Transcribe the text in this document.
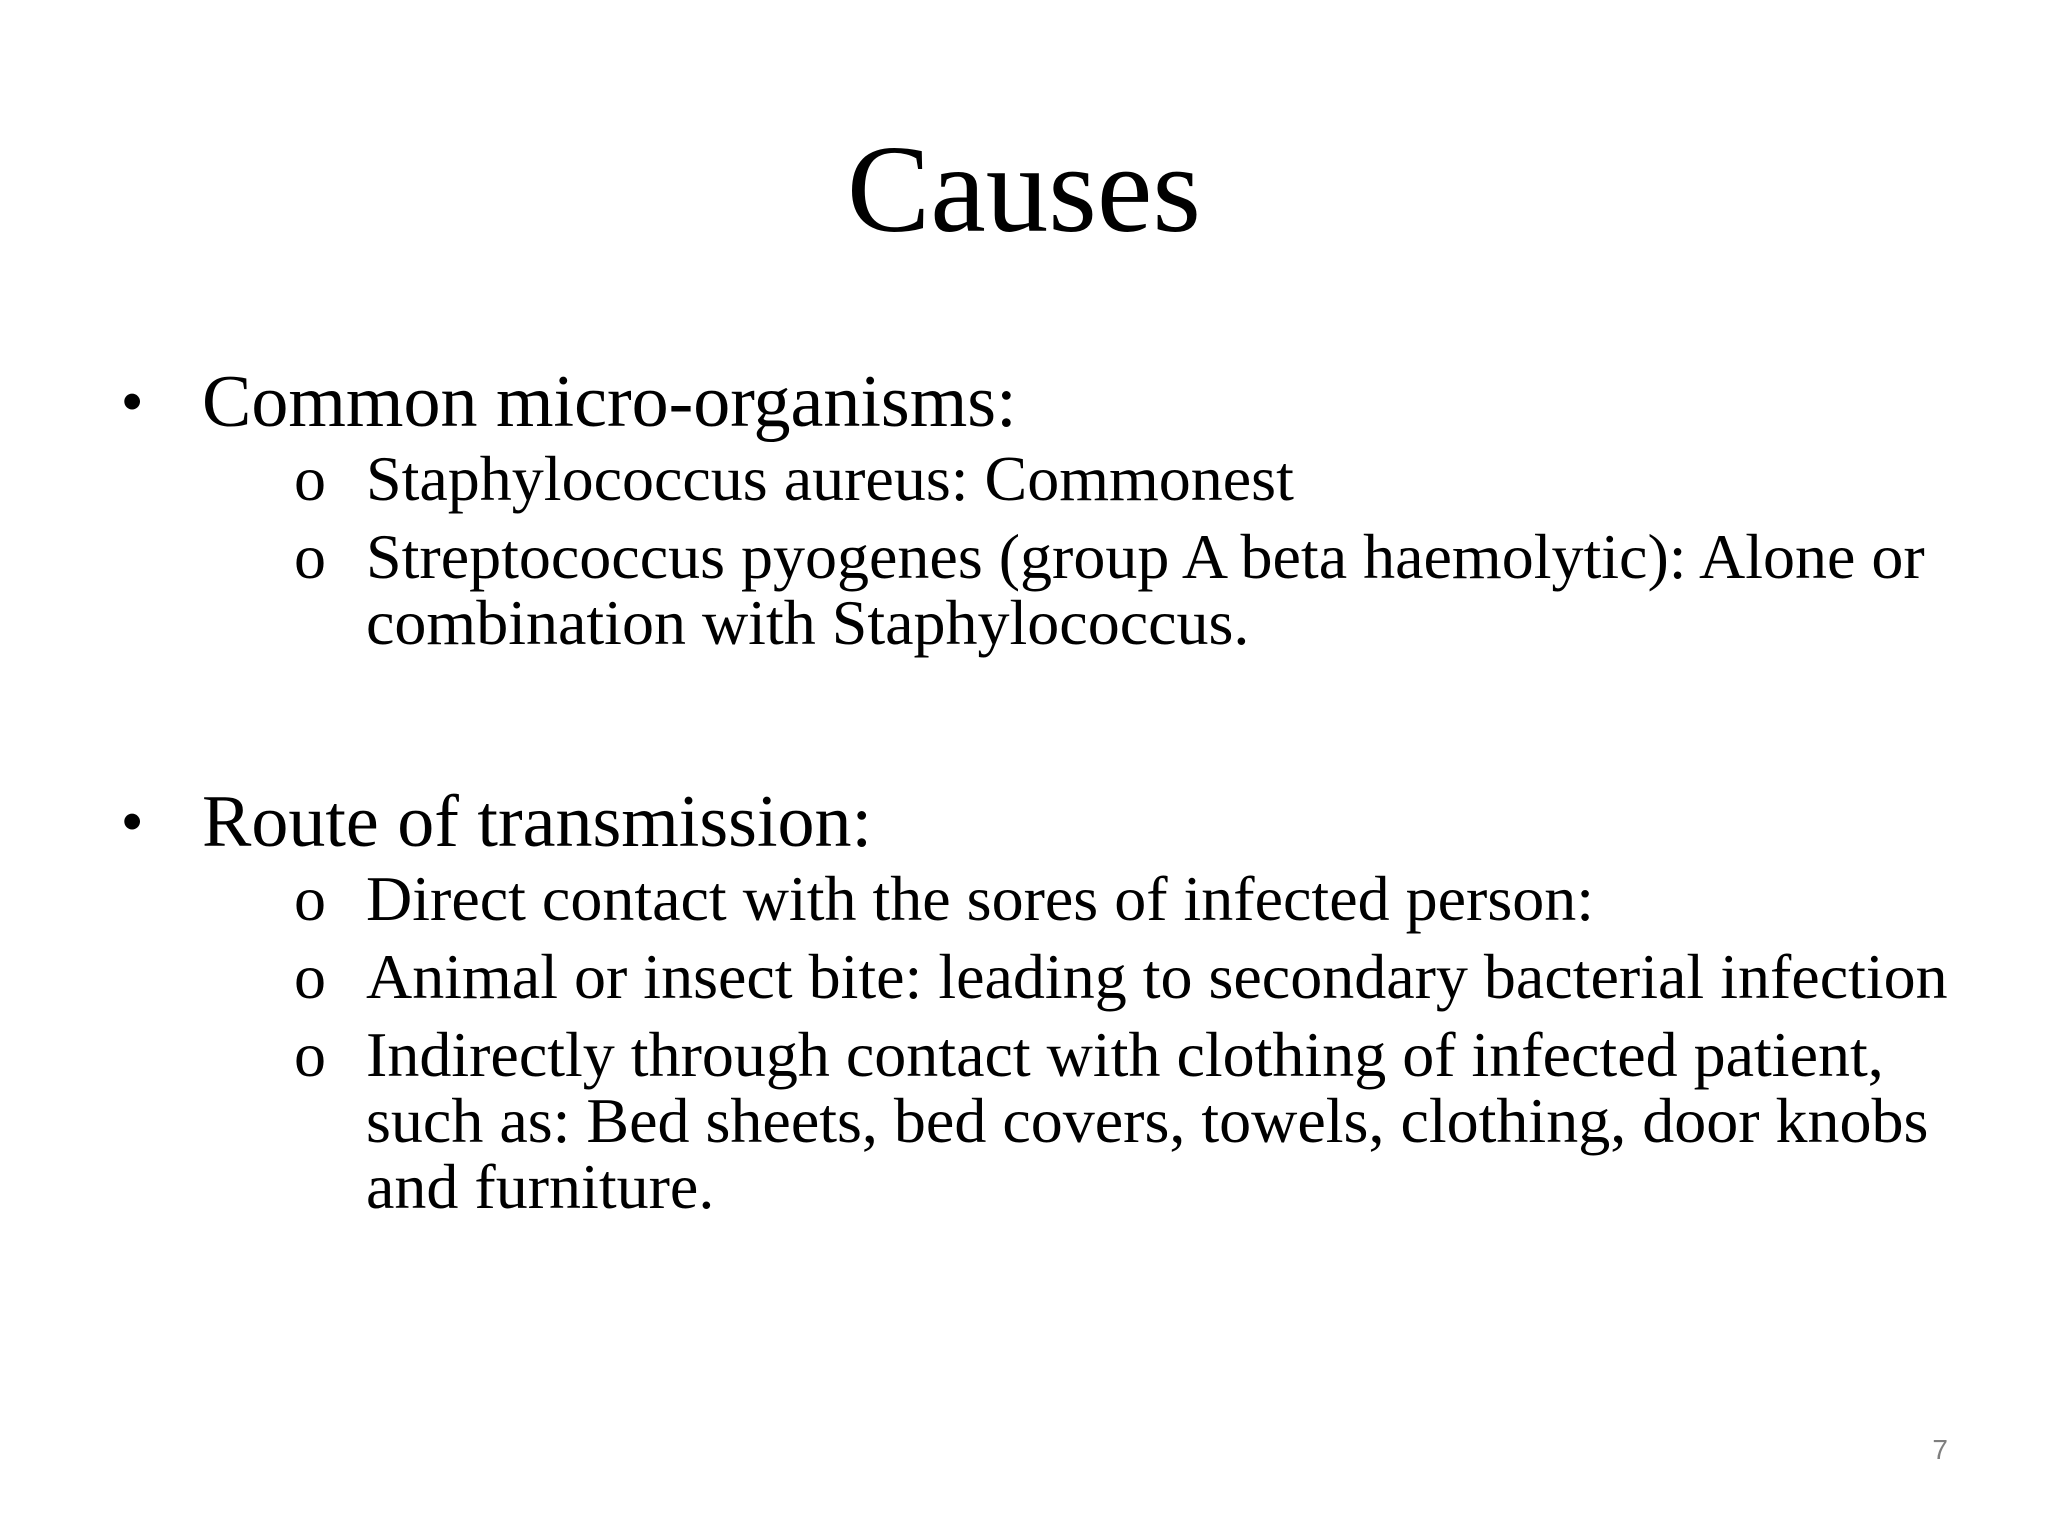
Causes
• Common micro-organisms:
o Staphylococcus aureus: Commonest
o Streptococcus pyogenes (group A beta haemolytic): Alone or combination with Staphylococcus.
• Route of transmission:
o Direct contact with the sores of infected person:
o Animal or insect bite: leading to secondary bacterial infection
o Indirectly through contact with clothing of infected patient, such as: Bed sheets, bed covers, towels, clothing, door knobs and furniture.
7
